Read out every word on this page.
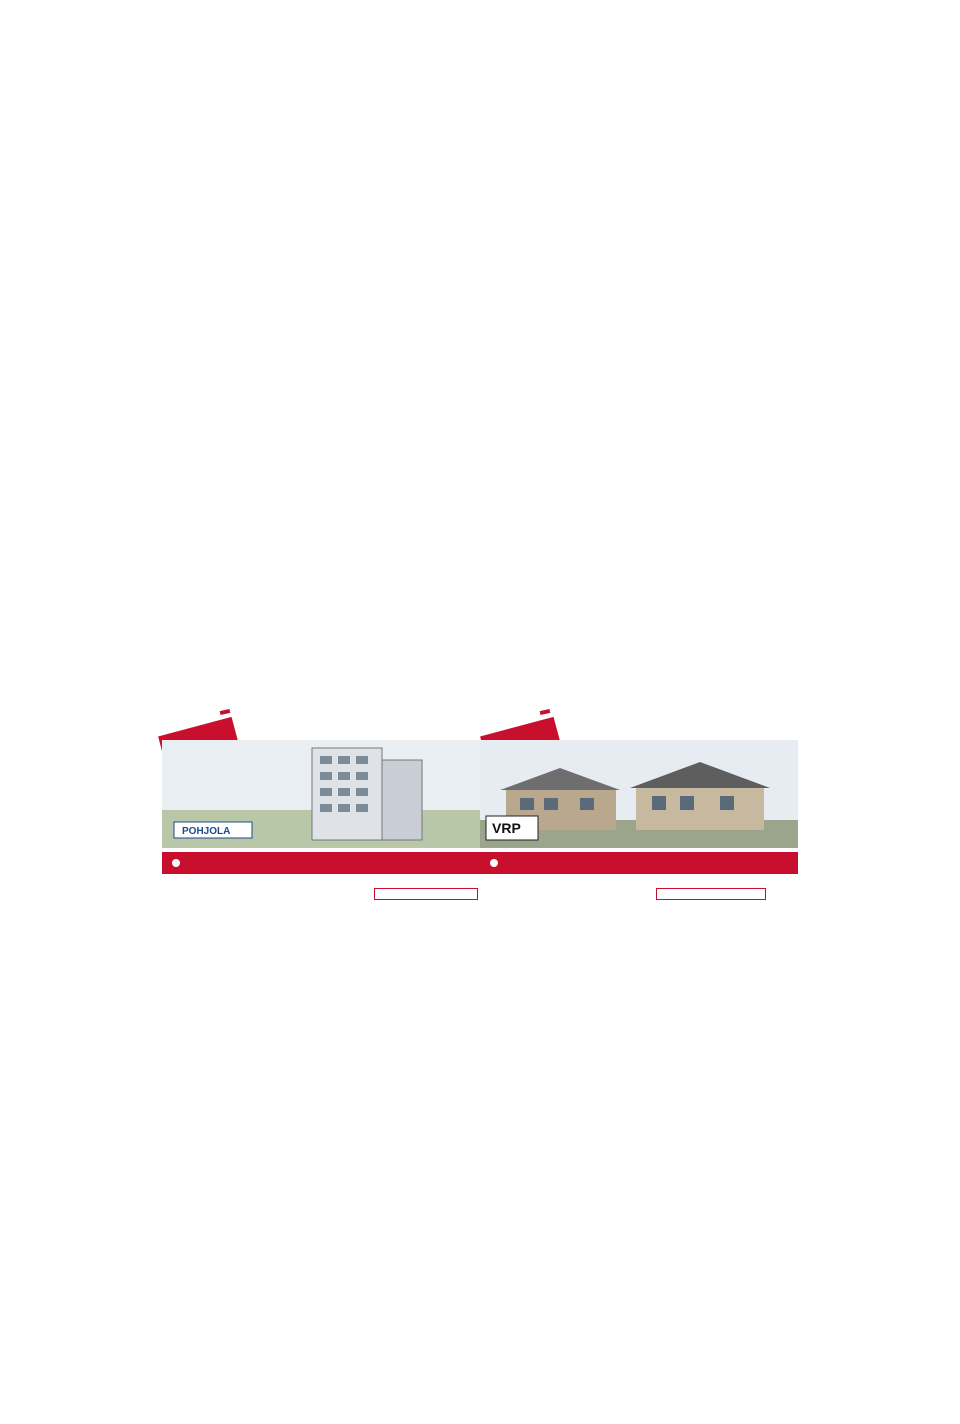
POHJOLA	VRP
